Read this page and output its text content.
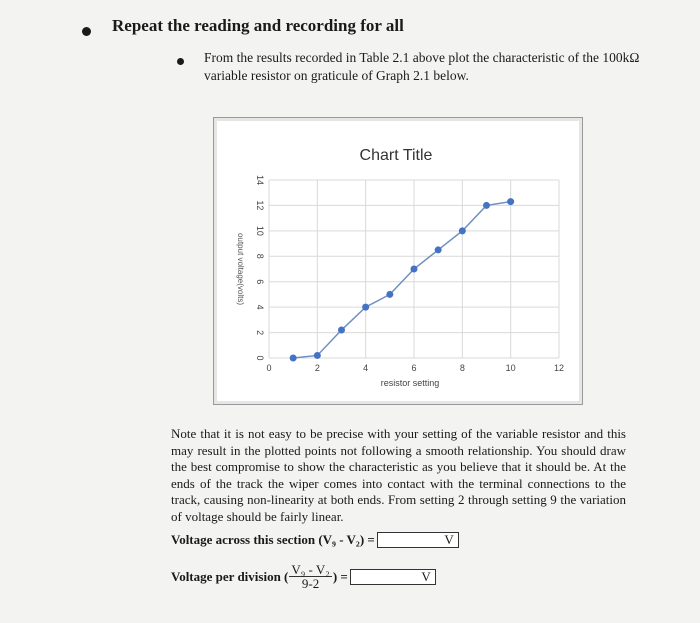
Repeat the reading and recording for all
From the results recorded in Table 2.1 above plot the characteristic of the 100kΩ variable resistor on graticule of Graph 2.1 below.
Chart Title
0
2
4
6
8
10
12
14
0	2	4	6	8	10	12
output voltage(volts)
resistor setting
Note that it is not easy to be precise with your setting of the variable resistor and this may result in the plotted points not following a smooth relationship. You should draw the best compromise to show the characteristic as you believe that it should be. At the ends of the track the wiper comes into contact with the terminal connections to the track, causing non-linearity at both ends. From setting 2 through setting 9 the variation of voltage should be fairly linear.
Voltage across this section (V₉ - V₂) =	V
Voltage per division ( $\frac{\text{V₉ - V₂}}{9-2}$ ) =	V
